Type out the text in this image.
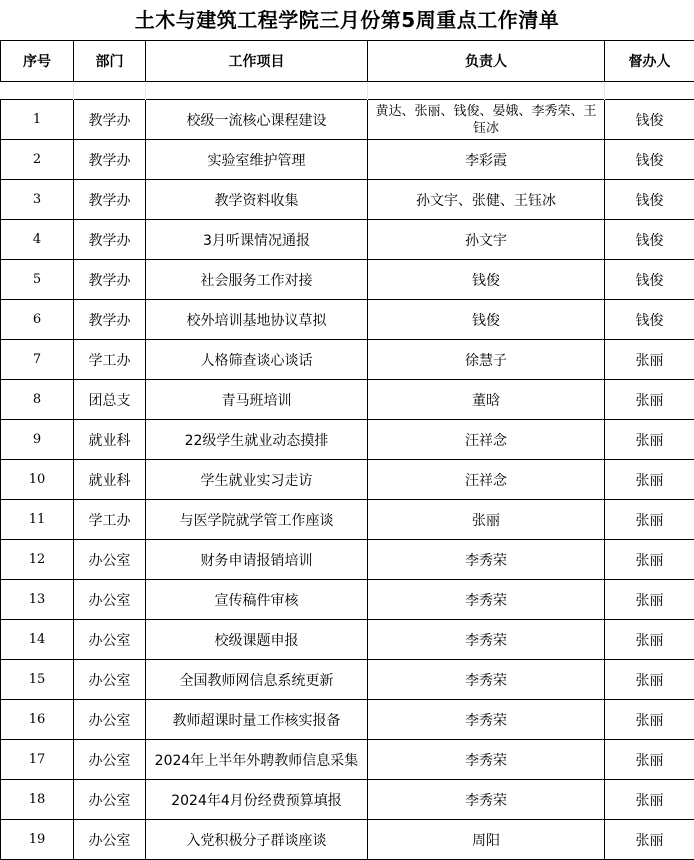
土木与建筑工程学院三月份第5周重点工作清单

序号	部门	工作项目	负责人	督办人
1	教学办	校级一流核心课程建设	黄达、张丽、钱俊、晏娥、李秀荣、王钰冰	钱俊
2	教学办	实验室维护管理	李彩霞	钱俊
3	教学办	教学资料收集	孙文宇、张健、王钰冰	钱俊
4	教学办	3月听课情况通报	孙文宇	钱俊
5	教学办	社会服务工作对接	钱俊	钱俊
6	教学办	校外培训基地协议草拟	钱俊	钱俊
7	学工办	人格筛查谈心谈话	徐慧子	张丽
8	团总支	青马班培训	董晗	张丽
9	就业科	22级学生就业动态摸排	汪祥念	张丽
10	就业科	学生就业实习走访	汪祥念	张丽
11	学工办	与医学院就学管工作座谈	张丽	张丽
12	办公室	财务申请报销培训	李秀荣	张丽
13	办公室	宣传稿件审核	李秀荣	张丽
14	办公室	校级课题申报	李秀荣	张丽
15	办公室	全国教师网信息系统更新	李秀荣	张丽
16	办公室	教师超课时量工作核实报备	李秀荣	张丽
17	办公室	2024年上半年外聘教师信息采集	李秀荣	张丽
18	办公室	2024年4月份经费预算填报	李秀荣	张丽
19	办公室	入党积极分子群谈座谈	周阳	张丽
